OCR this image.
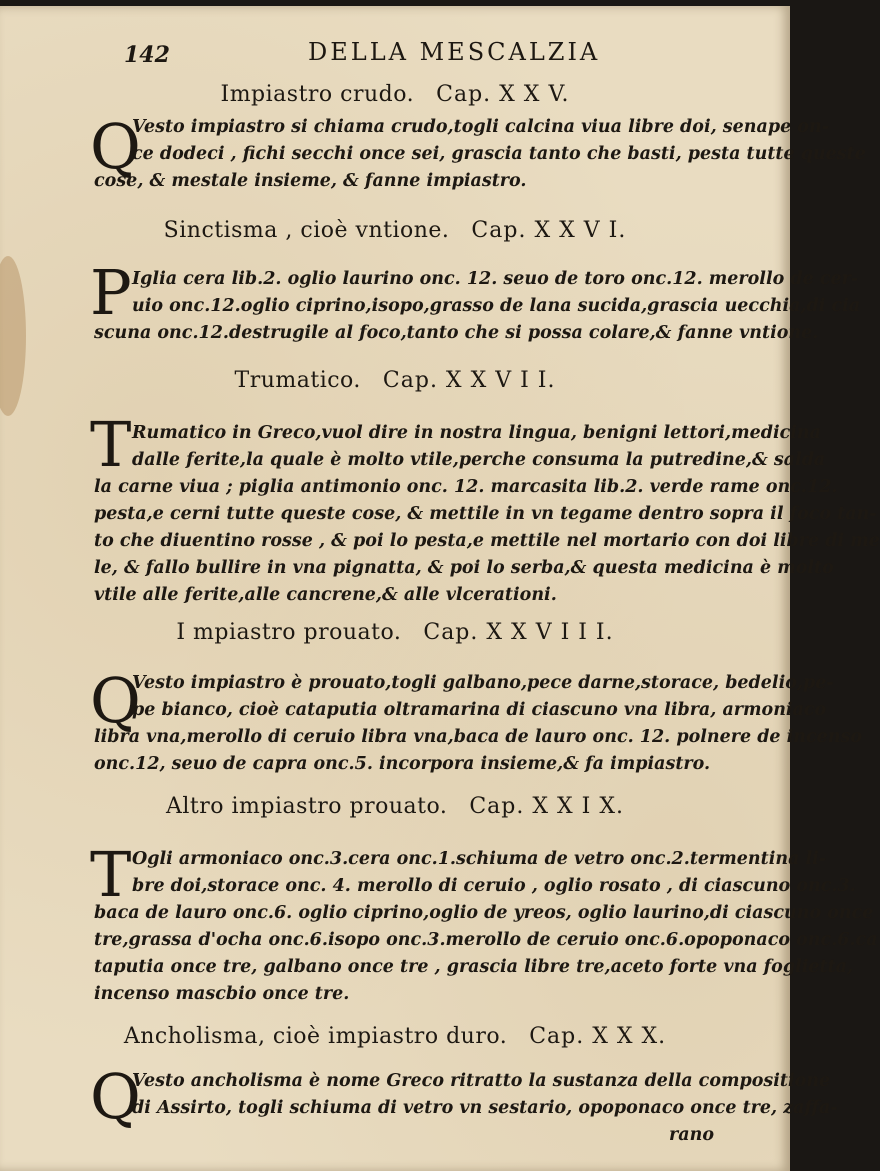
142	DELLA MESCALZIA
Impiastro crudo. Cap. X X V.
Q
Vesto impiastro si chiama crudo,togli calcina viua libre doi, senape on-
ce dodeci , fichi secchi once sei, grascia tanto che basti, pesta tutte queste
cose, & mestale insieme, & fanne impiastro.
Sinctisma , cioè vntione. Cap. X X V I.
P Iglia cera lib.2. oglio laurino onc. 12. seuo de toro onc.12. merollo de cer-
uio onc.12.oglio ciprino,isopo,grasso de lana sucida,grascia uecchia,di cia
scuna onc.12.destrugile al foco,tanto che si possa colare,& fanne vntione.
Trumatico. Cap. X X V I I.
T Rumatico in Greco,vuol dire in nostra lingua, benigni lettori,medicina
dalle ferite,la quale è molto vtile,perche consuma la putredine,& salda
la carne viua ; piglia antimonio onc. 12. marcasita lib.2. verde rame onc.12.
pesta,e cerni tutte queste cose, & mettile in vn tegame dentro sopra il foco tan-
to che diuentino rosse , & poi lo pesta,e mettile nel mortario con doi libre di me
le, & fallo bullire in vna pignatta, & poi lo serba,& questa medicina è molto
vtile alle ferite,alle cancrene,& alle vlcerationi.
I mpiastro prouato. Cap. X X V I I I.
Q
Vesto impiastro è prouato,togli galbano,pece darne,storace, bedelio,pe-
pe bianco, cioè cataputia oltramarina di ciascuno vna libra, armoniaco
libra vna,merollo di ceruio libra vna,baca de lauro onc. 12. polnere de incenso
onc.12, seuo de capra onc.5. incorpora insieme,& fa impiastro.
Altro impiastro prouato. Cap. X X I X.
T Ogli armoniaco onc.3.cera onc.1.schiuma de vetro onc.2.termentina li-
bre doi,storace onc. 4. merollo di ceruio , oglio rosato , di ciascuno onc.3.
baca de lauro onc.6. oglio ciprino,oglio de yreos, oglio laurino,di ciascuno once
tre,grassa d'ocha onc.6.isopo onc.3.merollo de ceruio onc.6.opoponaco onc.6.ca
taputia once tre, galbano once tre , grascia libre tre,aceto forte vna foglietta,
incenso mascbio once tre.
Ancholisma, cioè impiastro duro. Cap. X X X.
Q
Vesto ancholisma è nome Greco ritratto la sustanza della compositione
di Assirto, togli schiuma di vetro vn sestario, opoponaco once tre, zaffa-
rano
